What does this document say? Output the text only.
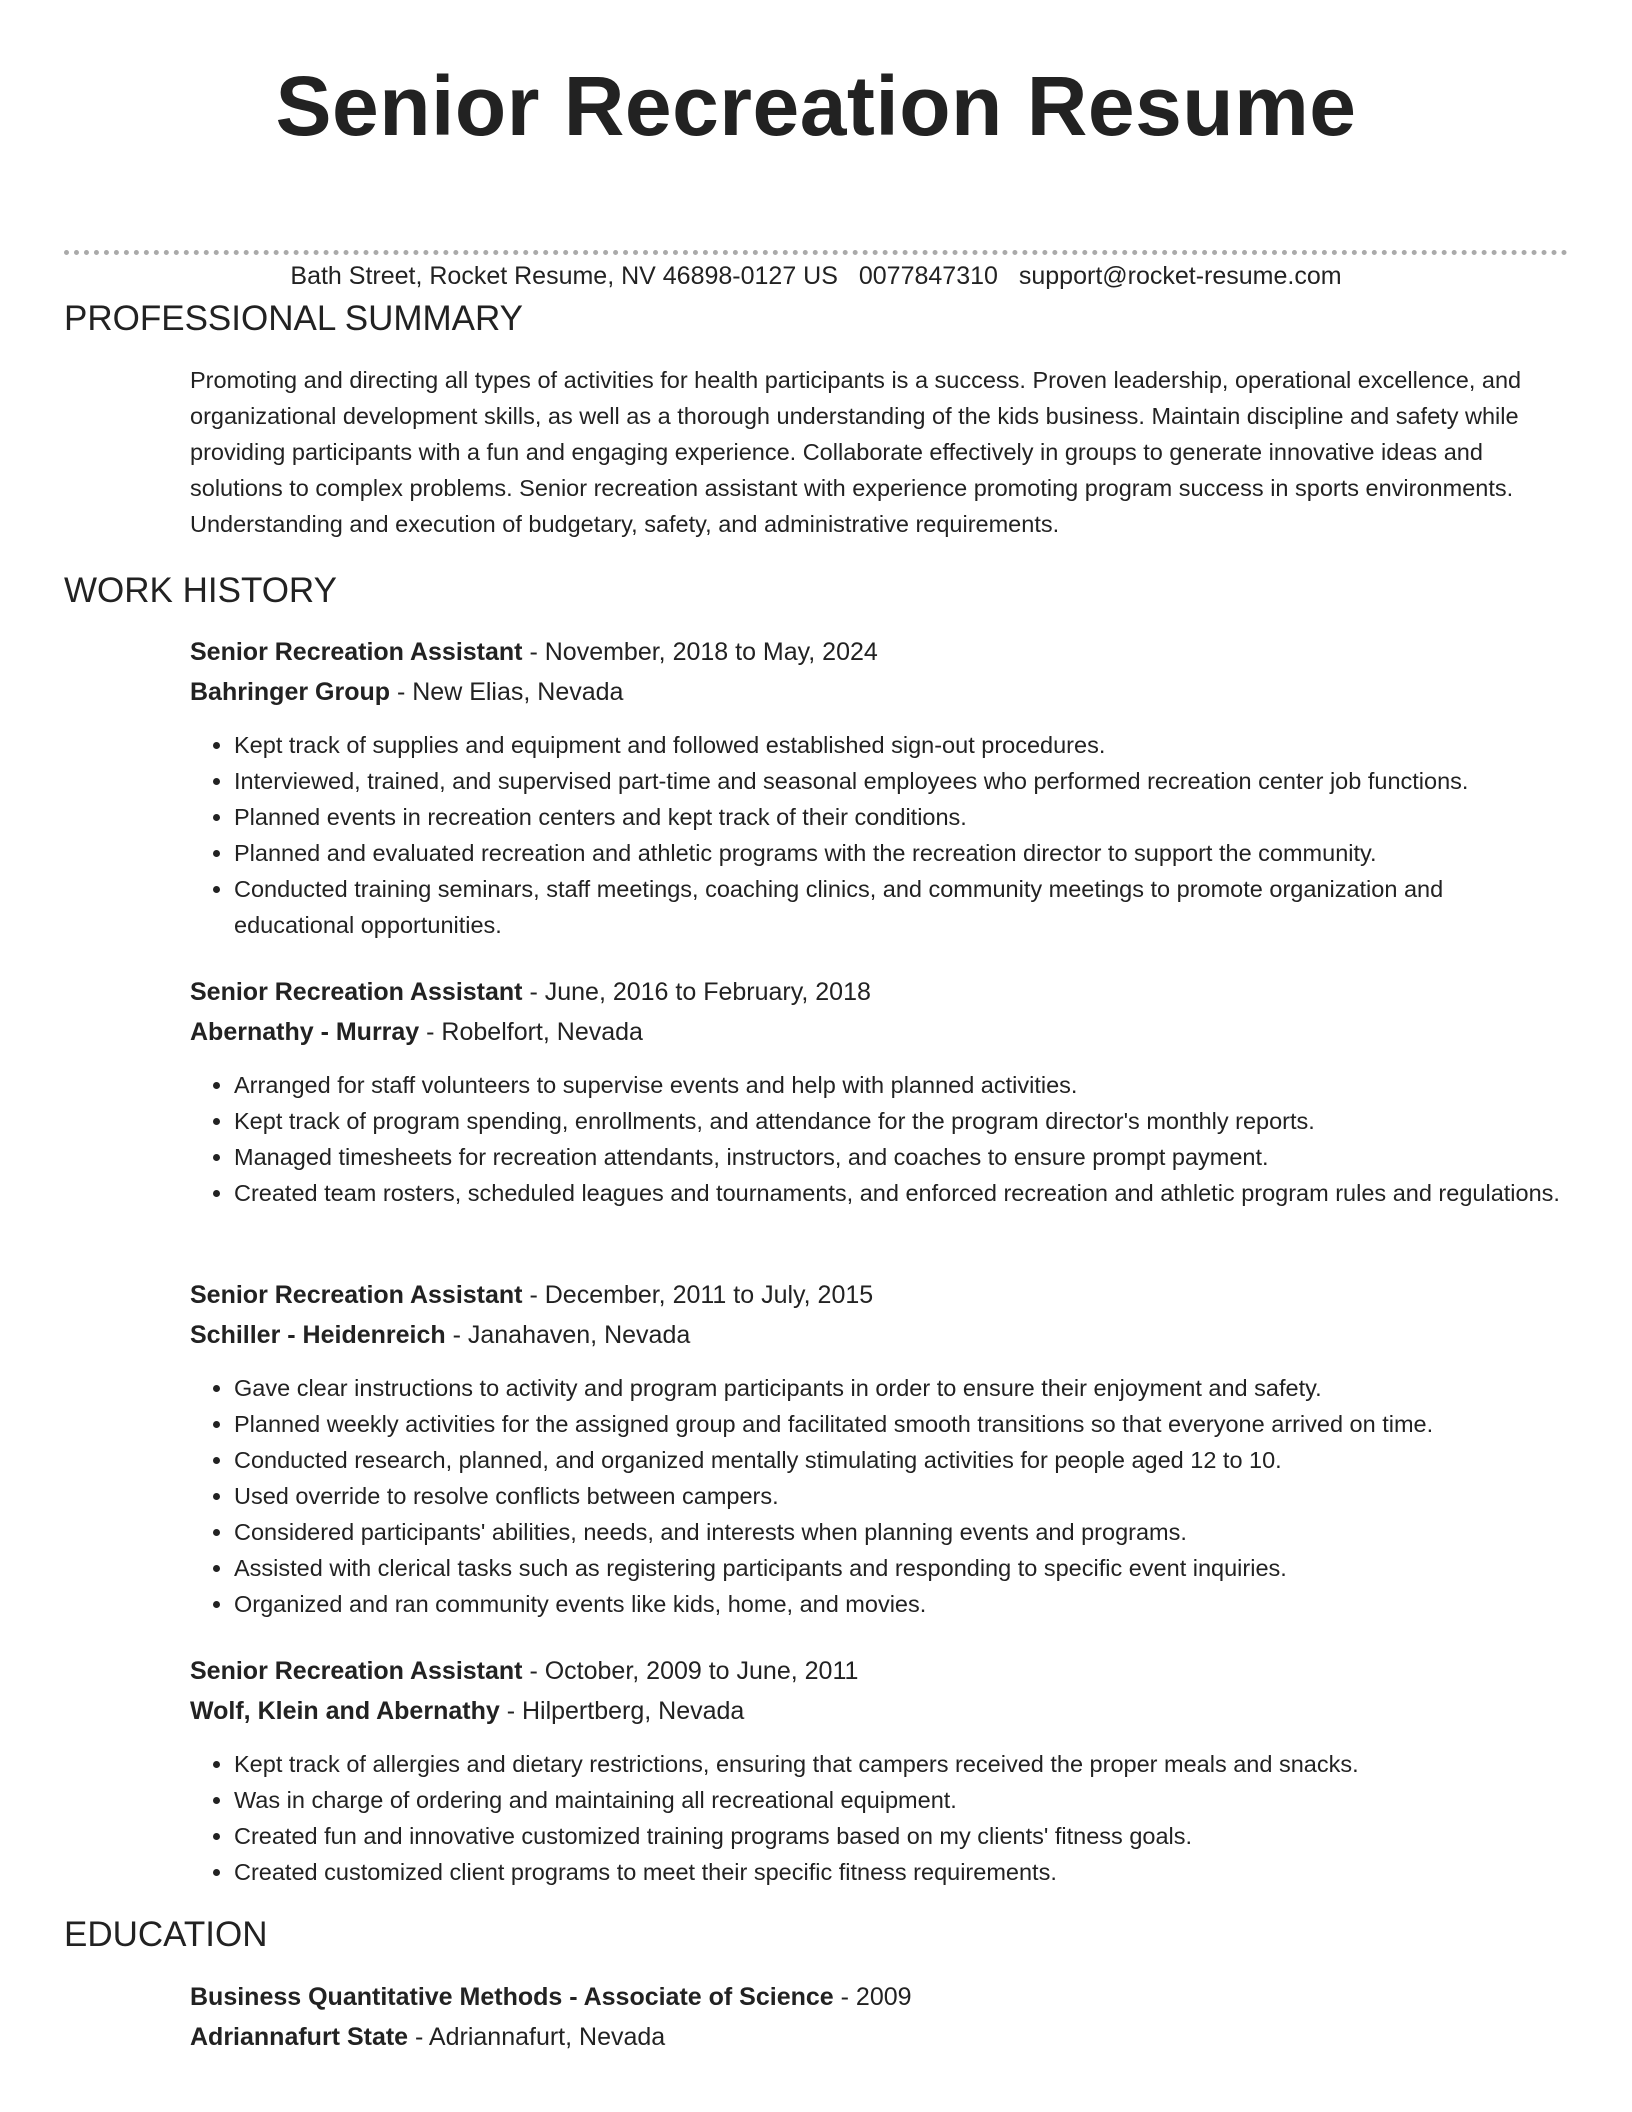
Senior Recreation Resume
Bath Street, Rocket Resume, NV 46898-0127 US 0077847310 support@rocket-resume.com
PROFESSIONAL SUMMARY

Promoting and directing all types of activities for health participants is a success. Proven leadership, operational excellence, and organizational development skills, as well as a thorough understanding of the kids business. Maintain discipline and safety while providing participants with a fun and engaging experience. Collaborate effectively in groups to generate innovative ideas and solutions to complex problems. Senior recreation assistant with experience promoting program success in sports environments. Understanding and execution of budgetary, safety, and administrative requirements.

WORK HISTORY

Senior Recreation Assistant - November, 2018 to May, 2024

Bahringer Group - New Elias, Nevada

• Kept track of supplies and equipment and followed established sign-out procedures.
• Interviewed, trained, and supervised part-time and seasonal employees who performed recreation center job functions.
• Planned events in recreation centers and kept track of their conditions.
• Planned and evaluated recreation and athletic programs with the recreation director to support the community.
• Conducted training seminars, staff meetings, coaching clinics, and community meetings to promote organization and educational opportunities.

Senior Recreation Assistant - June, 2016 to February, 2018

Abernathy - Murray - Robelfort, Nevada

• Arranged for staff volunteers to supervise events and help with planned activities.
• Kept track of program spending, enrollments, and attendance for the program director's monthly reports.
• Managed timesheets for recreation attendants, instructors, and coaches to ensure prompt payment.
• Created team rosters, scheduled leagues and tournaments, and enforced recreation and athletic program rules and regulations.

Senior Recreation Assistant - December, 2011 to July, 2015

Schiller - Heidenreich - Janahaven, Nevada

• Gave clear instructions to activity and program participants in order to ensure their enjoyment and safety.
• Planned weekly activities for the assigned group and facilitated smooth transitions so that everyone arrived on time.
• Conducted research, planned, and organized mentally stimulating activities for people aged 12 to 10.
• Used override to resolve conflicts between campers.
• Considered participants' abilities, needs, and interests when planning events and programs.
• Assisted with clerical tasks such as registering participants and responding to specific event inquiries.
• Organized and ran community events like kids, home, and movies.

Senior Recreation Assistant - October, 2009 to June, 2011

Wolf, Klein and Abernathy - Hilpertberg, Nevada

• Kept track of allergies and dietary restrictions, ensuring that campers received the proper meals and snacks.
• Was in charge of ordering and maintaining all recreational equipment.
• Created fun and innovative customized training programs based on my clients' fitness goals.
• Created customized client programs to meet their specific fitness requirements.
EDUCATION

Business Quantitative Methods - Associate of Science - 2009

Adriannafurt State - Adriannafurt, Nevada
